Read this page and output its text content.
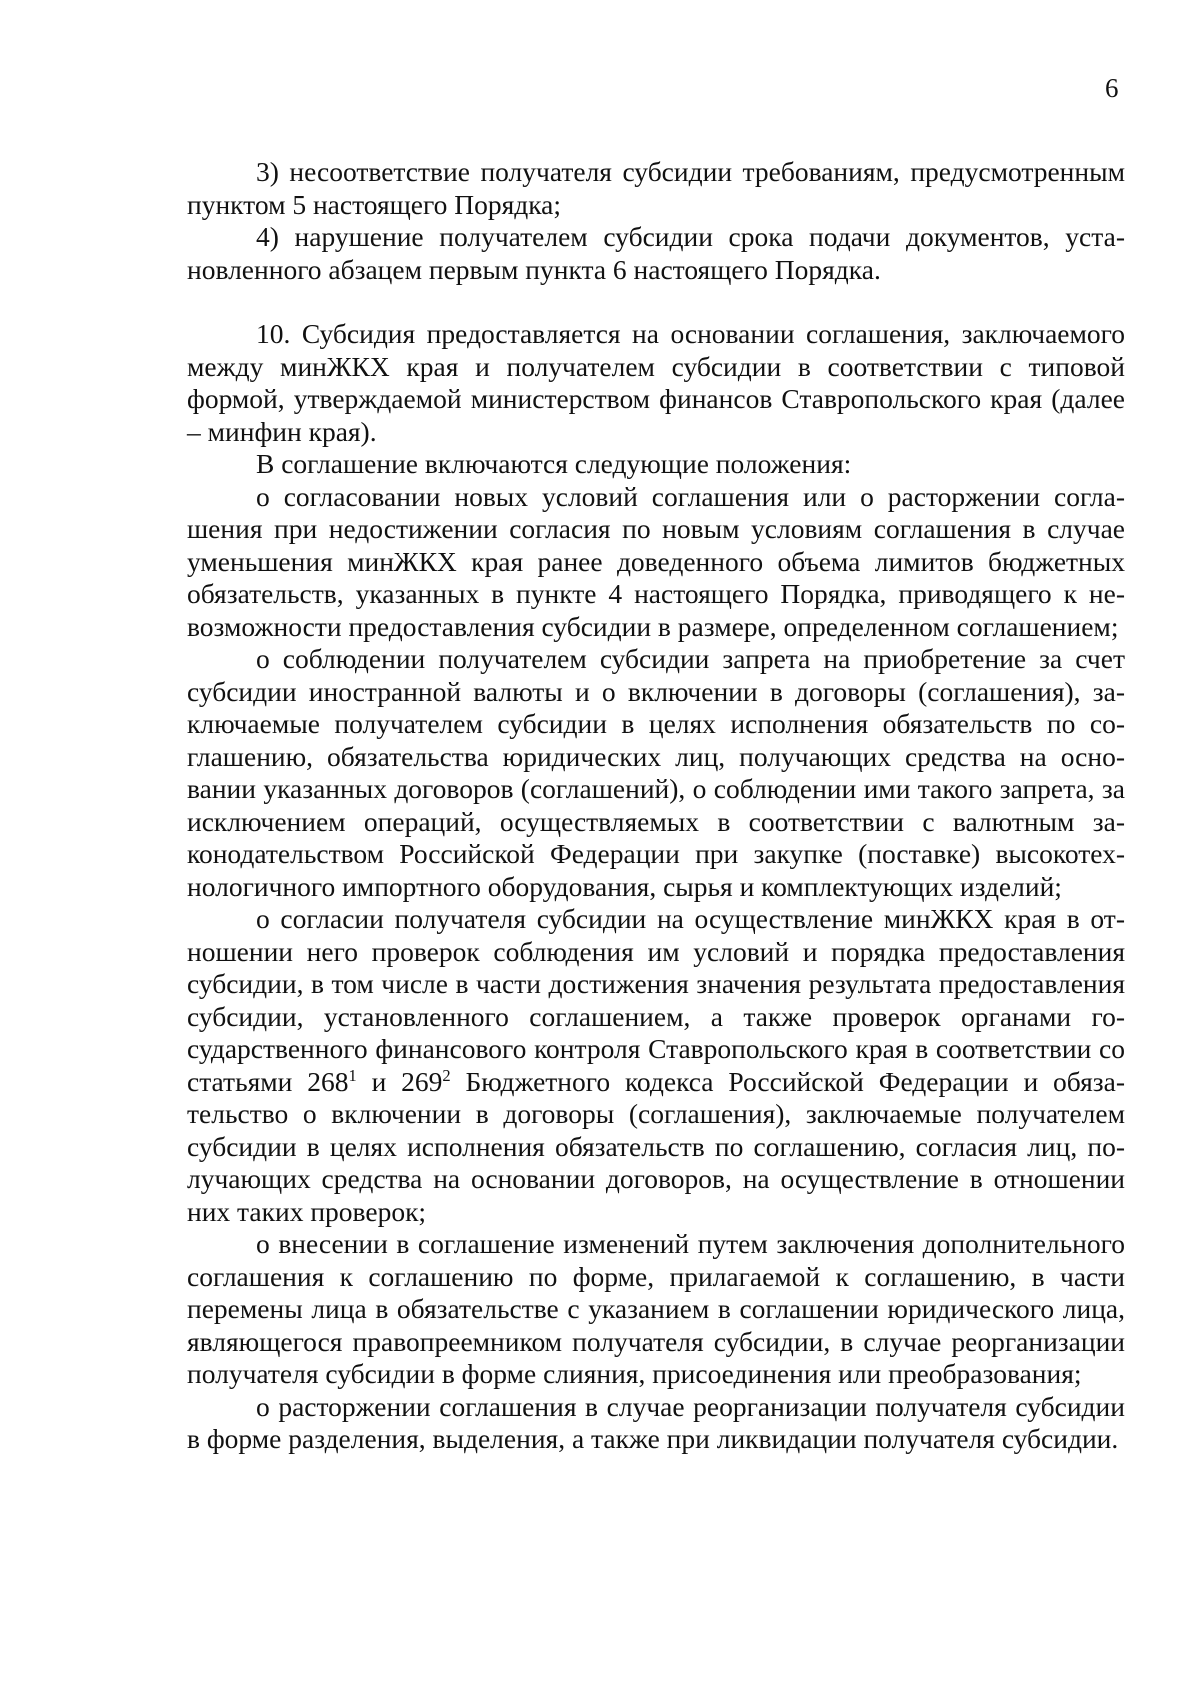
6

3) несоответствие получателя субсидии требованиям, предусмотренным пунктом 5 настоящего Порядка;

4) нарушение получателем субсидии срока подачи документов, установленного абзацем первым пункта 6 настоящего Порядка.

10. Субсидия предоставляется на основании соглашения, заключаемого между минЖКХ края и получателем субсидии в соответствии с типовой формой, утверждаемой министерством финансов Ставропольского края (далее – минфин края).

В соглашение включаются следующие положения:

о согласовании новых условий соглашения или о расторжении соглашения при недостижении согласия по новым условиям соглашения в случае уменьшения минЖКХ края ранее доведенного объема лимитов бюджетных обязательств, указанных в пункте 4 настоящего Порядка, приводящего к невозможности предоставления субсидии в размере, определенном соглашением;

о соблюдении получателем субсидии запрета на приобретение за счет субсидии иностранной валюты и о включении в договоры (соглашения), заключаемые получателем субсидии в целях исполнения обязательств по соглашению, обязательства юридических лиц, получающих средства на основании указанных договоров (соглашений), о соблюдении ими такого запрета, за исключением операций, осуществляемых в соответствии с валютным законодательством Российской Федерации при закупке (поставке) высокотехнологичного импортного оборудования, сырья и комплектующих изделий;

о согласии получателя субсидии на осуществление минЖКХ края в отношении него проверок соблюдения им условий и порядка предоставления субсидии, в том числе в части достижения значения результата предоставления субсидии, установленного соглашением, а также проверок органами государственного финансового контроля Ставропольского края в соответствии со статьями $268^1$ и $269^2$ Бюджетного кодекса Российской Федерации и обязательство о включении в договоры (соглашения), заключаемые получателем субсидии в целях исполнения обязательств по соглашению, согласия лиц, получающих средства на основании договоров, на осуществление в отношении них таких проверок;

о внесении в соглашение изменений путем заключения дополнительного соглашения к соглашению по форме, прилагаемой к соглашению, в части перемены лица в обязательстве с указанием в соглашении юридического лица, являющегося правопреемником получателя субсидии, в случае реорганизации получателя субсидии в форме слияния, присоединения или преобразования;

о расторжении соглашения в случае реорганизации получателя субсидии в форме разделения, выделения, а также при ликвидации получателя субсидии.
